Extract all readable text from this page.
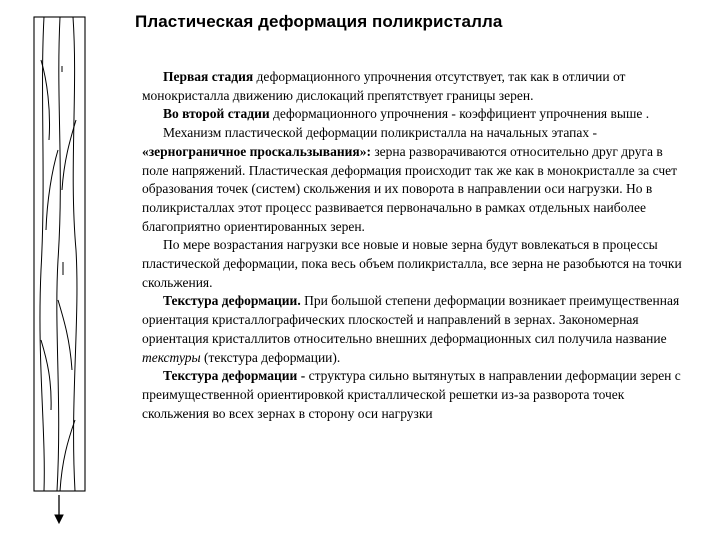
Пластическая деформация поликристалла

Первая стадия деформационного упрочнения отсутствует, так как в отличии от монокристалла движению дислокаций препятствует границы зерен.

Во второй стадии деформационного упрочнения - коэффициент упрочнения выше .

Механизм пластической деформации поликристалла на начальных этапах - «зернограничное проскальзывания»: зерна разворачиваются относительно друг друга в поле напряжений. Пластическая деформация происходит так же как в монокристалле за счет образования точек (систем) скольжения и их поворота в направлении оси нагрузки. Но в поликристаллах этот процесс развивается первоначально в рамках отдельных наиболее благоприятно ориентированных зерен.

По мере возрастания нагрузки все новые и новые зерна будут вовлекаться в процессы пластической деформации, пока весь объем поликристалла, все зерна не разобьются на точки скольжения.

Текстура деформации. При большой степени деформации возникает преимущественная ориентация кристаллографических плоскостей и направлений в зернах. Закономерная ориентация кристаллитов относительно внешних деформационных сил получила название текстуры (текстура деформации).

Текстура деформации - структура сильно вытянутых в направлении деформации зерен с преимущественной ориентировкой кристаллической решетки из-за разворота точек скольжения во всех зернах в сторону оси нагрузки
